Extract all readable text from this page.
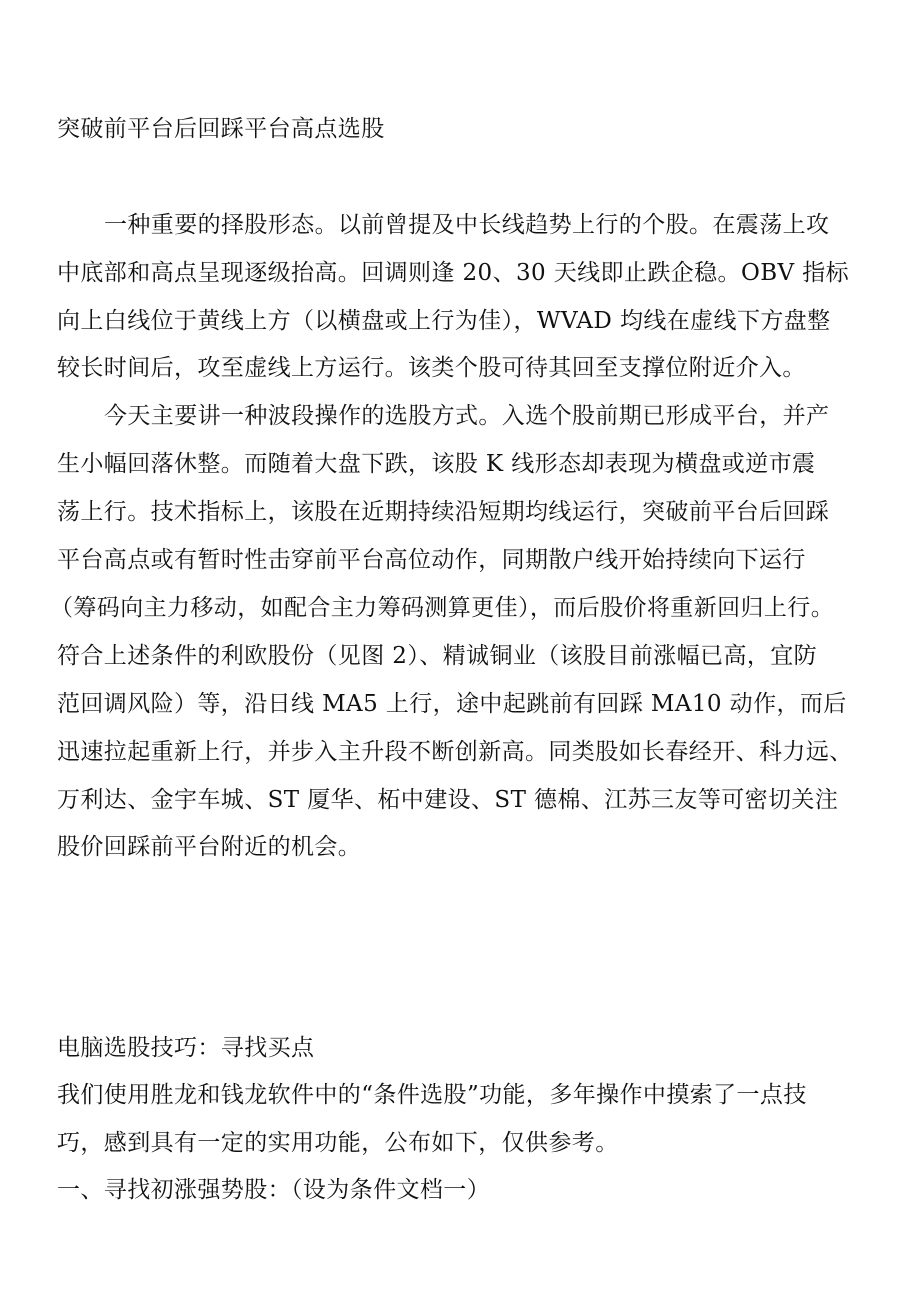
突破前平台后回踩平台高点选股
一种重要的择股形态。以前曾提及中长线趋势上行的个股。在震荡上攻
中底部和高点呈现逐级抬高。回调则逢 20、30 天线即止跌企稳。OBV 指标
向上白线位于黄线上方（以横盘或上行为佳），WVAD 均线在虚线下方盘整
较长时间后，攻至虚线上方运行。该类个股可待其回至支撑位附近介入。
今天主要讲一种波段操作的选股方式。入选个股前期已形成平台，并产
生小幅回落休整。而随着大盘下跌，该股 K 线形态却表现为横盘或逆市震
荡上行。技术指标上，该股在近期持续沿短期均线运行，突破前平台后回踩
平台高点或有暂时性击穿前平台高位动作，同期散户线开始持续向下运行
（筹码向主力移动，如配合主力筹码测算更佳），而后股价将重新回归上行。
符合上述条件的利欧股份（见图 2）、精诚铜业（该股目前涨幅已高，宜防
范回调风险）等，沿日线 MA5 上行，途中起跳前有回踩 MA10 动作，而后
迅速拉起重新上行，并步入主升段不断创新高。同类股如长春经开、科力远、
万利达、金宇车城、ST 厦华、柘中建设、ST 德棉、江苏三友等可密切关注
股价回踩前平台附近的机会。
电脑选股技巧：寻找买点
我们使用胜龙和钱龙软件中的“条件选股”功能，多年操作中摸索了一点技
巧，感到具有一定的实用功能，公布如下，仅供参考。
一、寻找初涨强势股：（设为条件文档一）
